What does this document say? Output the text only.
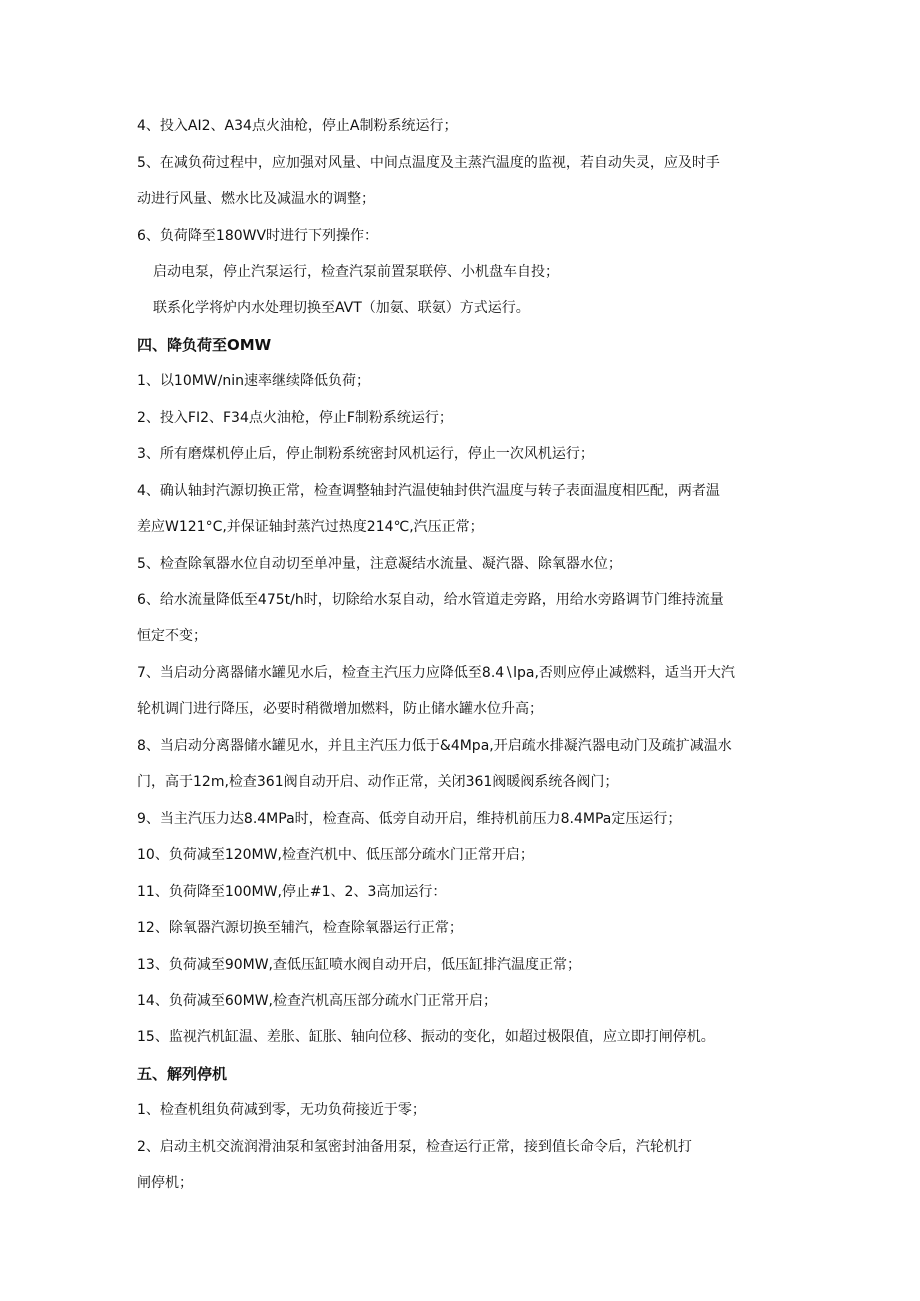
4、投入AI2、A34点火油枪，停止A制粉系统运行；
5、在减负荷过程中，应加强对风量、中间点温度及主蒸汽温度的监视，若自动失灵，应及时手
动进行风量、燃水比及减温水的调整；
6、负荷降至180WV时进行下列操作：
启动电泵，停止汽泵运行，检查汽泵前置泵联停、小机盘车自投；
联系化学将炉内水处理切换至AVT（加氨、联氨）方式运行。
四、降负荷至OMW
1、以10MW∕nin速率继续降低负荷；
2、投入FI2、F34点火油枪，停止F制粉系统运行；
3、所有磨煤机停止后，停止制粉系统密封风机运行，停止一次风机运行；
4、确认轴封汽源切换正常，检查调整轴封汽温使轴封供汽温度与转子表面温度相匹配，两者温
差应W121°C,并保证轴封蒸汽过热度214℃,汽压正常；
5、检查除氧器水位自动切至单冲量，注意凝结水流量、凝汽器、除氧器水位；
6、给水流量降低至475t∕h时，切除给水泵自动，给水管道走旁路，用给水旁路调节门维持流量
恒定不变；
7、当启动分离器储水罐见水后，检查主汽压力应降低至8.4∖lpa,否则应停止减燃料，适当开大汽
轮机调门进行降压，必要时稍微增加燃料，防止储水罐水位升高；
8、当启动分离器储水罐见水，并且主汽压力低于&4Mpa,开启疏水排凝汽器电动门及疏扩减温水
门，高于12m,检查361阀自动开启、动作正常，关闭361阀暖阀系统各阀门；
9、当主汽压力达8.4MPa时，检查高、低旁自动开启，维持机前压力8.4MPa定压运行；
10、负荷减至120MW,检查汽机中、低压部分疏水门正常开启；
11、负荷降至100MW,停止#1、2、3高加运行：
12、除氧器汽源切换至辅汽，检查除氧器运行正常；
13、负荷减至90MW,查低压缸喷水阀自动开启，低压缸排汽温度正常；
14、负荷减至60MW,检查汽机高压部分疏水门正常开启；
15、监视汽机缸温、差胀、缸胀、轴向位移、振动的变化，如超过极限值，应立即打闸停机。
五、解列停机
1、检查机组负荷减到零，无功负荷接近于零；
2、启动主机交流润滑油泵和氢密封油备用泵，检查运行正常，接到值长命令后，汽轮机打
闸停机；
